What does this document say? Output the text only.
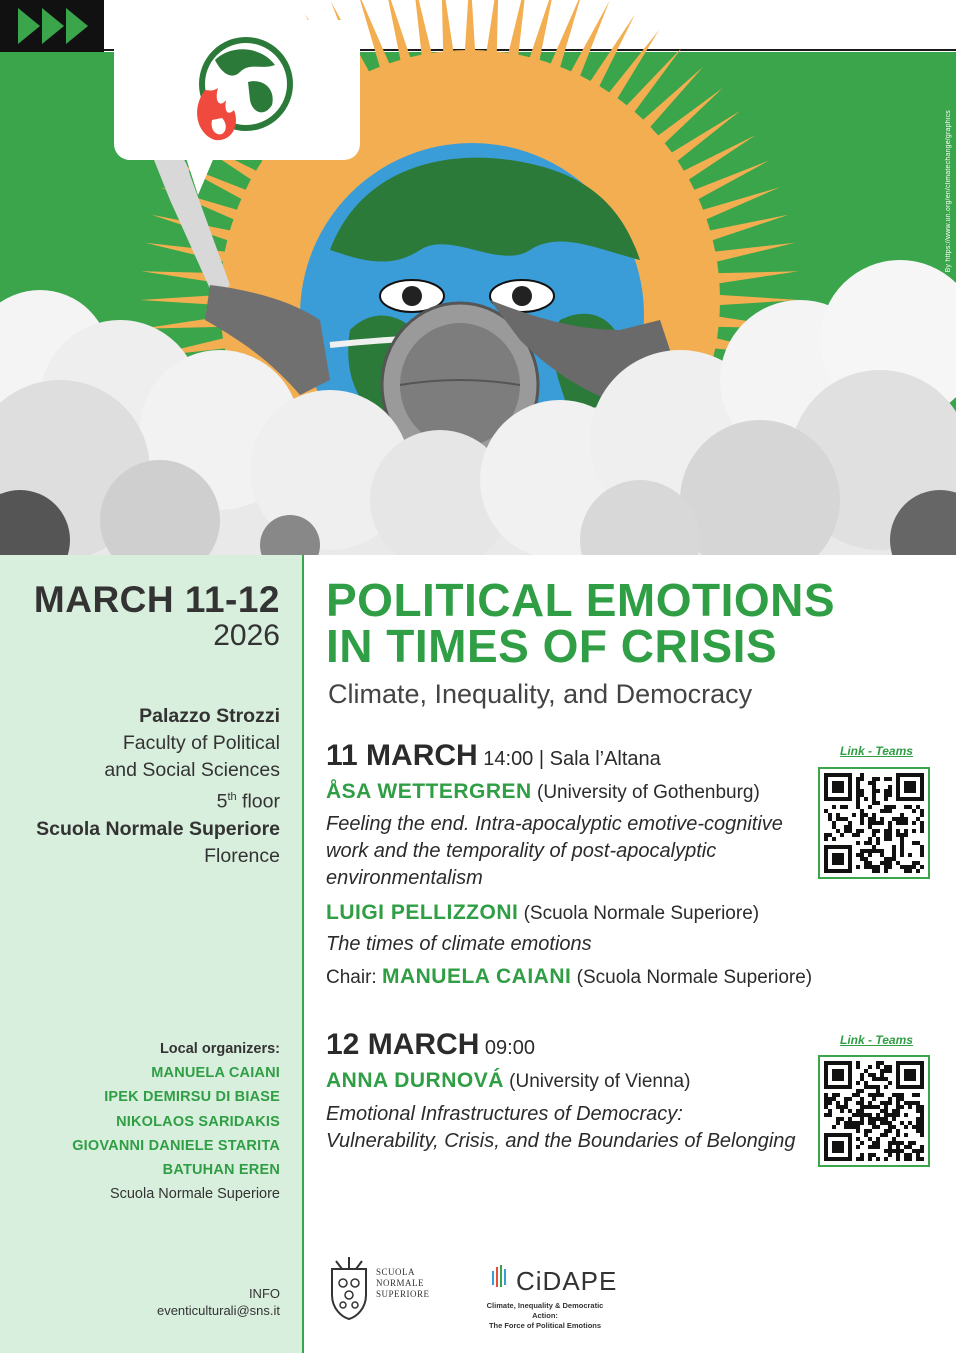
By https://www.un.org/en/climatechange/graphics
MARCH 11-12
2026
Palazzo Strozzi
Faculty of Political
and Social Sciences
5th floor
Scuola Normale Superiore
Florence
Local organizers:
MANUELA CAIANI
IPEK DEMIRSU DI BIASE
NIKOLAOS SARIDAKIS
GIOVANNI DANIELE STARITA
BATUHAN EREN
Scuola Normale Superiore
INFO
eventiculturali@sns.it
POLITICAL EMOTIONS
IN TIMES OF CRISIS
Climate, Inequality, and Democracy
11 MARCH 14:00 | Sala l’Altana	Link - Teams
ÅSA WETTERGREN (University of Gothenburg)
Feeling the end. Intra-apocalyptic emotive-cognitive
work and the temporality of post-apocalyptic
environmentalism
LUIGI PELLIZZONI (Scuola Normale Superiore)
The times of climate emotions
Chair: MANUELA CAIANI (Scuola Normale Superiore)
12 MARCH 09:00	Link - Teams
ANNA DURNOVÁ (University of Vienna)
Emotional Infrastructures of Democracy:
Vulnerability, Crisis, and the Boundaries of Belonging
SCUOLA
NORMALE
SUPERIORE	CiDAPE
Climate, Inequality & Democratic Action:
The Force of Political Emotions
